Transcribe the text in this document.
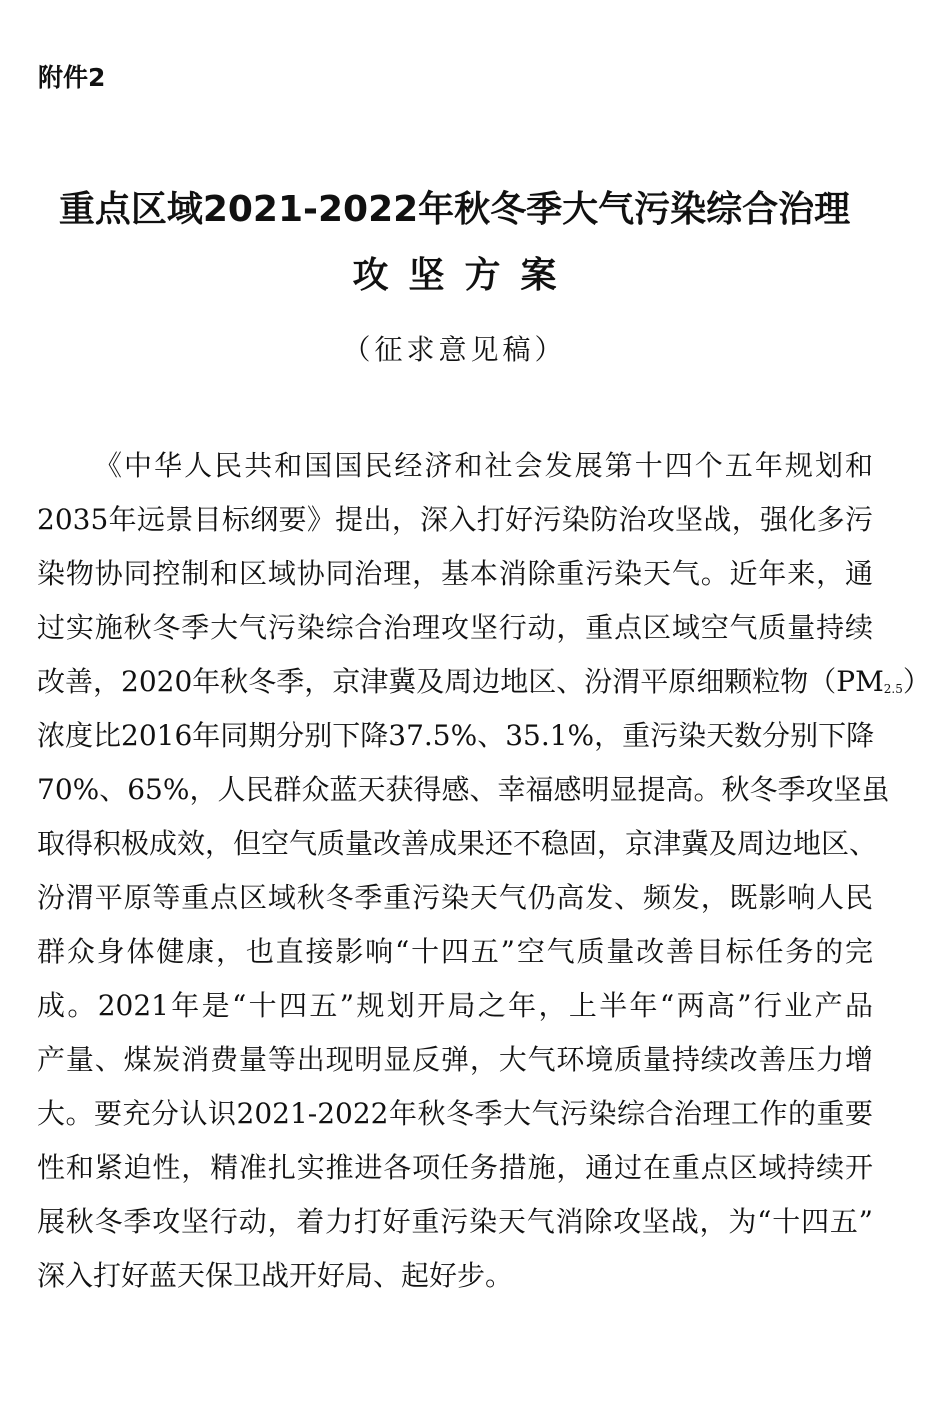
附件2
重点区域2021-2022年秋冬季大气污染综合治理
攻坚方案
（征求意见稿）
《中华人民共和国国民经济和社会发展第十四个五年规划和
2035年远景目标纲要》提出，深入打好污染防治攻坚战，强化多污
染物协同控制和区域协同治理，基本消除重污染天气。近年来，通
过实施秋冬季大气污染综合治理攻坚行动，重点区域空气质量持续
改善，2020年秋冬季，京津冀及周边地区、汾渭平原细颗粒物$(PM_{2.5})$
浓度比2016年同期分别下降37.5%、35.1%，重污染天数分别下降
70%、65%，人民群众蓝天获得感、幸福感明显提高。秋冬季攻坚虽
取得积极成效，但空气质量改善成果还不稳固，京津冀及周边地区、
汾渭平原等重点区域秋冬季重污染天气仍高发、频发，既影响人民
群众身体健康，也直接影响“十四五”空气质量改善目标任务的完
成。2021年是“十四五”规划开局之年，上半年“两高”行业产品
产量、煤炭消费量等出现明显反弹，大气环境质量持续改善压力增
大。要充分认识2021-2022年秋冬季大气污染综合治理工作的重要
性和紧迫性，精准扎实推进各项任务措施，通过在重点区域持续开
展秋冬季攻坚行动，着力打好重污染天气消除攻坚战，为“十四五”
深入打好蓝天保卫战开好局、起好步。
